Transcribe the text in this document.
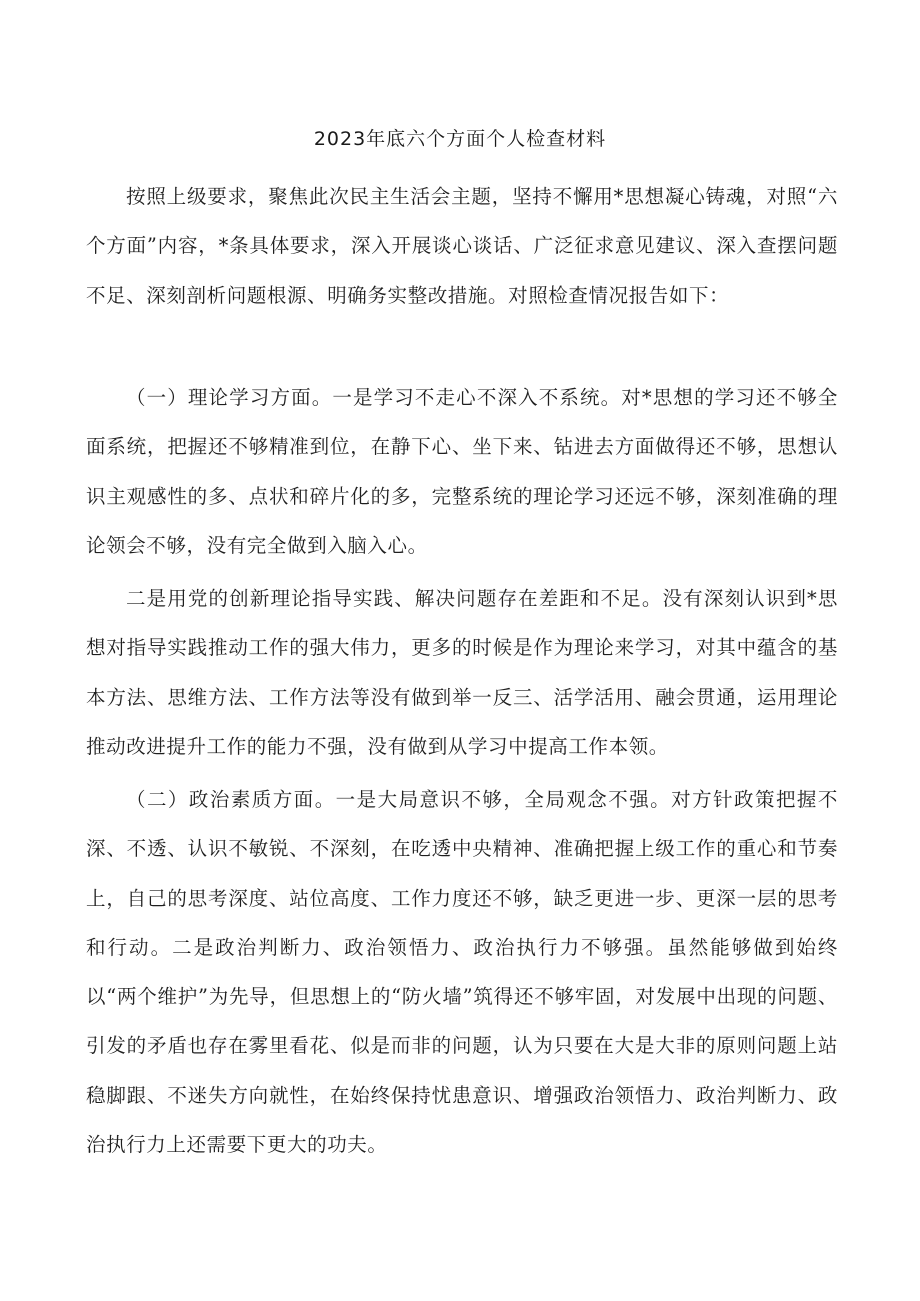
2023年底六个方面个人检查材料

按照上级要求，聚焦此次民主生活会主题，坚持不懈用*思想凝心铸魂，对照“六个方面”内容，*条具体要求，深入开展谈心谈话、广泛征求意见建议、深入查摆问题不足、深刻剖析问题根源、明确务实整改措施。对照检查情况报告如下：

（一）理论学习方面。一是学习不走心不深入不系统。对*思想的学习还不够全面系统，把握还不够精准到位，在静下心、坐下来、钻进去方面做得还不够，思想认识主观感性的多、点状和碎片化的多，完整系统的理论学习还远不够，深刻准确的理论领会不够，没有完全做到入脑入心。

二是用党的创新理论指导实践、解决问题存在差距和不足。没有深刻认识到*思想对指导实践推动工作的强大伟力，更多的时候是作为理论来学习，对其中蕴含的基本方法、思维方法、工作方法等没有做到举一反三、活学活用、融会贯通，运用理论推动改进提升工作的能力不强，没有做到从学习中提高工作本领。

（二）政治素质方面。一是大局意识不够，全局观念不强。对方针政策把握不深、不透、认识不敏锐、不深刻，在吃透中央精神、准确把握上级工作的重心和节奏上，自己的思考深度、站位高度、工作力度还不够，缺乏更进一步、更深一层的思考和行动。二是政治判断力、政治领悟力、政治执行力不够强。虽然能够做到始终以“两个维护”为先导，但思想上的“防火墙”筑得还不够牢固，对发展中出现的问题、引发的矛盾也存在雾里看花、似是而非的问题，认为只要在大是大非的原则问题上站稳脚跟、不迷失方向就性，在始终保持忧患意识、增强政治领悟力、政治判断力、政治执行力上还需要下更大的功夫。
